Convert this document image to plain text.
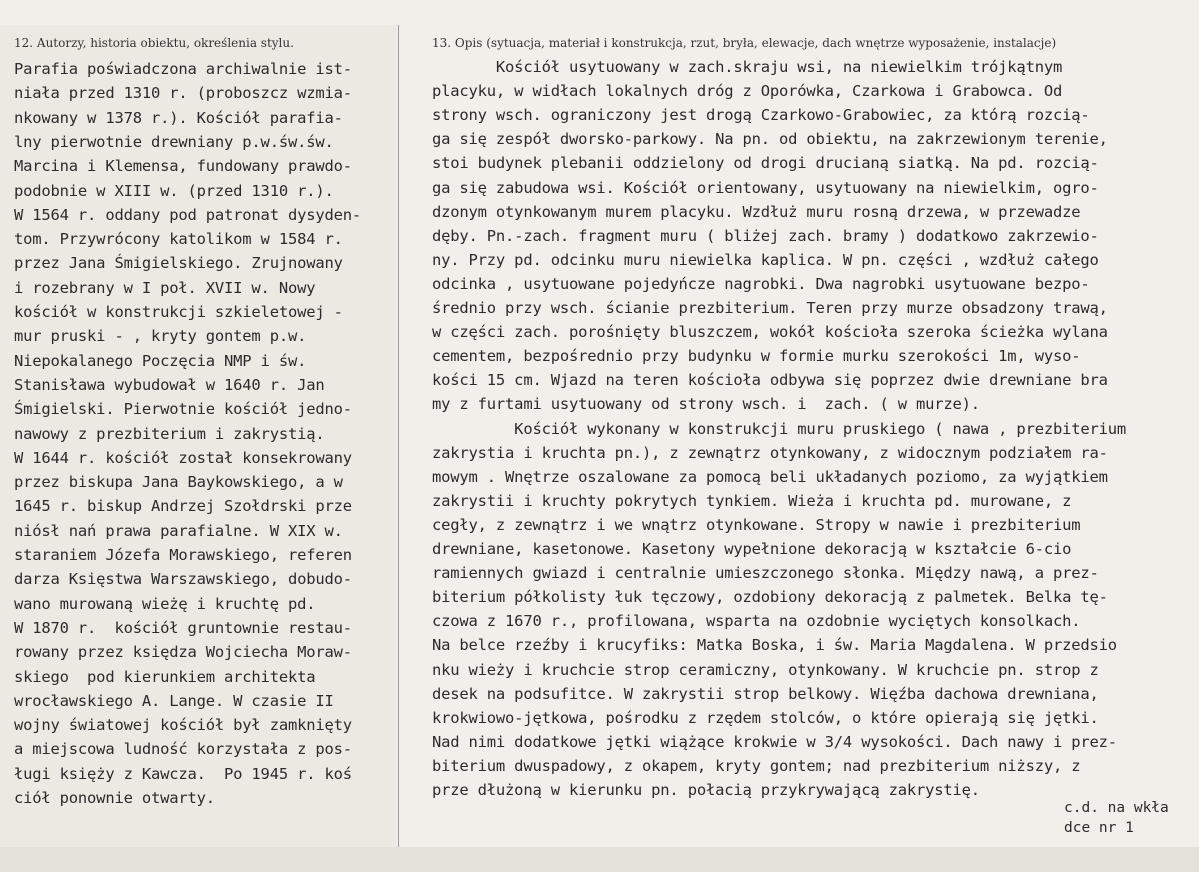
12. Autorzy, historia obiektu, określenia stylu.	13. Opis (sytuacja, materiał i konstrukcja, rzut, bryła, elewacje, dach wnętrze wyposażenie, instalacje)
Parafia poświadczona archiwalnie ist-
niała przed 1310 r. (proboszcz wzmia-
nkowany w 1378 r.). Kościół parafia-
lny pierwotnie drewniany p.w.św.św.
Marcina i Klemensa, fundowany prawdo-
podobnie w XIII w. (przed 1310 r.).
W 1564 r. oddany pod patronat dysyden-
tom. Przywrócony katolikom w 1584 r.
przez Jana Śmigielskiego. Zrujnowany
i rozebrany w I poł. XVII w. Nowy
kościół w konstrukcji szkieletowej -
mur pruski - , kryty gontem p.w.
Niepokalanego Poczęcia NMP i św.
Stanisława wybudował w 1640 r. Jan
Śmigielski. Pierwotnie kościół jedno-
nawowy z prezbiterium i zakrystią.
W 1644 r. kościół został konsekrowany
przez biskupa Jana Baykowskiego, a w
1645 r. biskup Andrzej Szołdrski prze
niósł nań prawa parafialne. W XIX w.
staraniem Józefa Morawskiego, referen
darza Księstwa Warszawskiego, dobudo-
wano murowaną wieżę i kruchtę pd.
W 1870 r.  kościół gruntownie restau-
rowany przez księdza Wojciecha Moraw-
skiego  pod kierunkiem architekta
wrocławskiego A. Lange. W czasie II
wojny światowej kościół był zamknięty
a miejscowa ludność korzystała z pos-
ługi księży z Kawcza.  Po 1945 r. koś
ciół ponownie otwarty.
Kościół usytuowany w zach.skraju wsi, na niewielkim trójkątnym
placyku, w widłach lokalnych dróg z Oporówka, Czarkowa i Grabowca. Od
strony wsch. ograniczony jest drogą Czarkowo-Grabowiec, za którą rozcią-
ga się zespół dworsko-parkowy. Na pn. od obiektu, na zakrzewionym terenie,
stoi budynek plebanii oddzielony od drogi drucianą siatką. Na pd. rozcią-
ga się zabudowa wsi. Kościół orientowany, usytuowany na niewielkim, ogro-
dzonym otynkowanym murem placyku. Wzdłuż muru rosną drzewa, w przewadze
dęby. Pn.-zach. fragment muru ( bliżej zach. bramy ) dodatkowo zakrzewio-
ny. Przy pd. odcinku muru niewielka kaplica. W pn. części , wzdłuż całego
odcinka , usytuowane pojedyńcze nagrobki. Dwa nagrobki usytuowane bezpo-
średnio przy wsch. ścianie prezbiterium. Teren przy murze obsadzony trawą,
w części zach. porośnięty bluszczem, wokół kościoła szeroka ścieżka wylana
cementem, bezpośrednio przy budynku w formie murku szerokości 1m, wyso-
kości 15 cm. Wjazd na teren kościoła odbywa się poprzez dwie drewniane bra
my z furtami usytuowany od strony wsch. i  zach. ( w murze).
Kościół wykonany w konstrukcji muru pruskiego ( nawa , prezbiterium
zakrystia i kruchta pn.), z zewnątrz otynkowany, z widocznym podziałem ra-
mowym . Wnętrze oszalowane za pomocą beli układanych poziomo, za wyjątkiem
zakrystii i kruchty pokrytych tynkiem. Wieża i kruchta pd. murowane, z
cegły, z zewnątrz i we wnątrz otynkowane. Stropy w nawie i prezbiterium
drewniane, kasetonowe. Kasetony wypełnione dekoracją w kształcie 6-cio
ramiennych gwiazd i centralnie umieszczonego słonka. Między nawą, a prez-
biterium półkolisty łuk tęczowy, ozdobiony dekoracją z palmetek. Belka tę-
czowa z 1670 r., profilowana, wsparta na ozdobnie wyciętych konsolkach.
Na belce rzeźby i krucyfiks: Matka Boska, i św. Maria Magdalena. W przedsio
nku wieży i kruchcie strop ceramiczny, otynkowany. W kruchcie pn. strop z
desek na podsufitce. W zakrystii strop belkowy. Więźba dachowa drewniana,
krokwiowo-jętkowa, pośrodku z rzędem stolców, o które opierają się jętki.
Nad nimi dodatkowe jętki wiążące krokwie w 3/4 wysokości. Dach nawy i prez-
biterium dwuspadowy, z okapem, kryty gontem; nad prezbiterium niższy, z
prze dłużoną w kierunku pn. połacią przykrywającą zakrystię.
c.d. na wkła
dce nr 1
